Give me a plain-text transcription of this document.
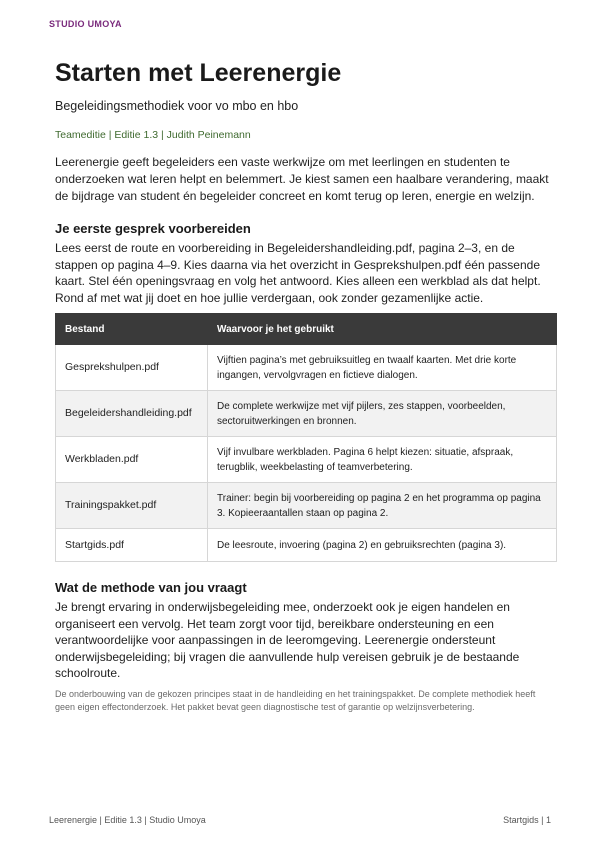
STUDIO UMOYA
Starten met Leerenergie
Begeleidingsmethodiek voor vo mbo en hbo
Teameditie | Editie 1.3 | Judith Peinemann
Leerenergie geeft begeleiders een vaste werkwijze om met leerlingen en studenten te onderzoeken wat leren helpt en belemmert. Je kiest samen een haalbare verandering, maakt de bijdrage van student én begeleider concreet en komt terug op leren, energie en welzijn.
Je eerste gesprek voorbereiden
Lees eerst de route en voorbereiding in Begeleidershandleiding.pdf, pagina 2–3, en de stappen op pagina 4–9. Kies daarna via het overzicht in Gesprekshulpen.pdf één passende kaart. Stel één openingsvraag en volg het antwoord. Kies alleen een werkblad als dat helpt. Rond af met wat jij doet en hoe jullie verdergaan, ook zonder gezamenlijke actie.
Bestand	Waarvoor je het gebruikt
Gesprekshulpen.pdf	Vijftien pagina’s met gebruiksuitleg en twaalf kaarten. Met drie korte ingangen, vervolgvragen en fictieve dialogen.
Begeleidershandleiding.pdf	De complete werkwijze met vijf pijlers, zes stappen, voorbeelden, sectoruitwerkingen en bronnen.
Werkbladen.pdf	Vijf invulbare werkbladen. Pagina 6 helpt kiezen: situatie, afspraak, terugblik, weekbelasting of teamverbetering.
Trainingspakket.pdf	Trainer: begin bij voorbereiding op pagina 2 en het programma op pagina 3. Kopieeraantallen staan op pagina 2.
Startgids.pdf	De leesroute, invoering (pagina 2) en gebruiksrechten (pagina 3).
Wat de methode van jou vraagt
Je brengt ervaring in onderwijsbegeleiding mee, onderzoekt ook je eigen handelen en organiseert een vervolg. Het team zorgt voor tijd, bereikbare ondersteuning en een verantwoordelijke voor aanpassingen in de leeromgeving. Leerenergie ondersteunt onderwijsbegeleiding; bij vragen die aanvullende hulp vereisen gebruik je de bestaande schoolroute.
De onderbouwing van de gekozen principes staat in de handleiding en het trainingspakket. De complete methodiek heeft geen eigen effectonderzoek. Het pakket bevat geen diagnostische test of garantie op welzijnsverbetering.
Leerenergie | Editie 1.3 | Studio Umoya	Startgids | 1
